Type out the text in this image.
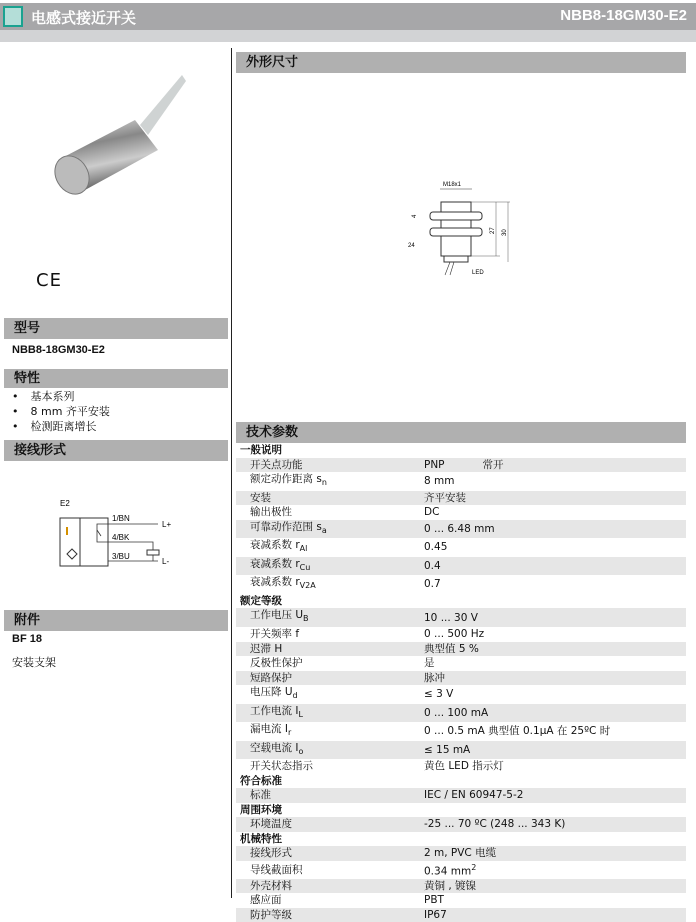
电感式接近开关	NBB8-18GM30-E2
CE
型号
NBB8-18GM30-E2
特性
• 基本系列
• 8 mm 齐平安装
• 检测距离增长
接线形式
E2
1/BN
4/BK
3/BU
L+
L-
附件
BF 18
安装支架
外形尺寸
M18x1
4
27 30
24
LED
技术参数
一般说明	
开关点功能	PNP 常开
额定动作距离 $s_n$	8 mm
安装	齐平安装
输出极性	DC
可靠动作范围 $s_a$	0 ... 6.48 mm
衰减系数 $r_{Al}$	0.45
衰减系数 $r_{Cu}$	0.4
衰减系数 $r_{V2A}$	0.7
额定等级	
工作电压 $U_B$	10 ... 30 V
开关频率 f	0 ... 500 Hz
迟滞 H	典型值 5 %
反极性保护	是
短路保护	脉冲
电压降 $U_d$	≤ 3 V
工作电流 $I_L$	0 ... 100 mA
漏电流 $I_r$	0 ... 0.5 mA 典型值 0.1μA 在 25ºC 时
空载电流 $I_o$	≤ 15 mA
开关状态指示	黄色 LED 指示灯
符合标准	
标准	IEC / EN 60947-5-2
周围环境	
环境温度	-25 ... 70 ºC (248 ... 343 K)
机械特性	
接线形式	2 m, PVC 电缆
导线截面积	0.34 $mm^2$
外壳材料	黄铜 , 镀镍
感应面	PBT
防护等级	IP67
